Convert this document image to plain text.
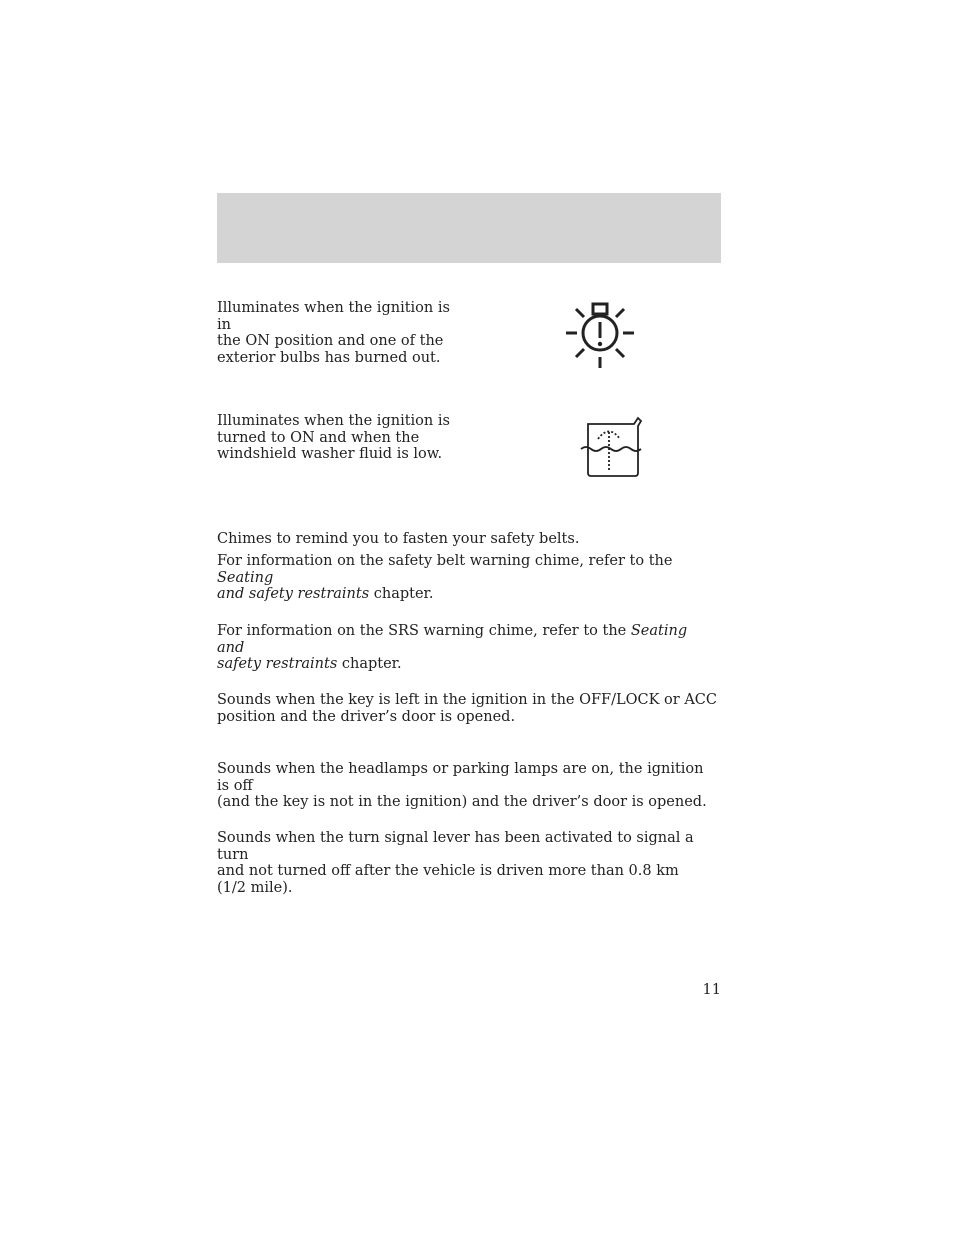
Illuminates when the ignition is in
the ON position and one of the
exterior bulbs has burned out.
Illuminates when the ignition is
turned to ON and when the
windshield washer fluid is low.

Chimes to remind you to fasten your safety belts.

For information on the safety belt warning chime, refer to the Seating
and safety restraints chapter.
For information on the SRS warning chime, refer to the Seating and
safety restraints chapter.
Sounds when the key is left in the ignition in the OFF/LOCK or ACC
position and the driver’s door is opened.
Sounds when the headlamps or parking lamps are on, the ignition is off
(and the key is not in the ignition) and the driver’s door is opened.
Sounds when the turn signal lever has been activated to signal a turn
and not turned off after the vehicle is driven more than 0.8 km
(1/2 mile).
11
